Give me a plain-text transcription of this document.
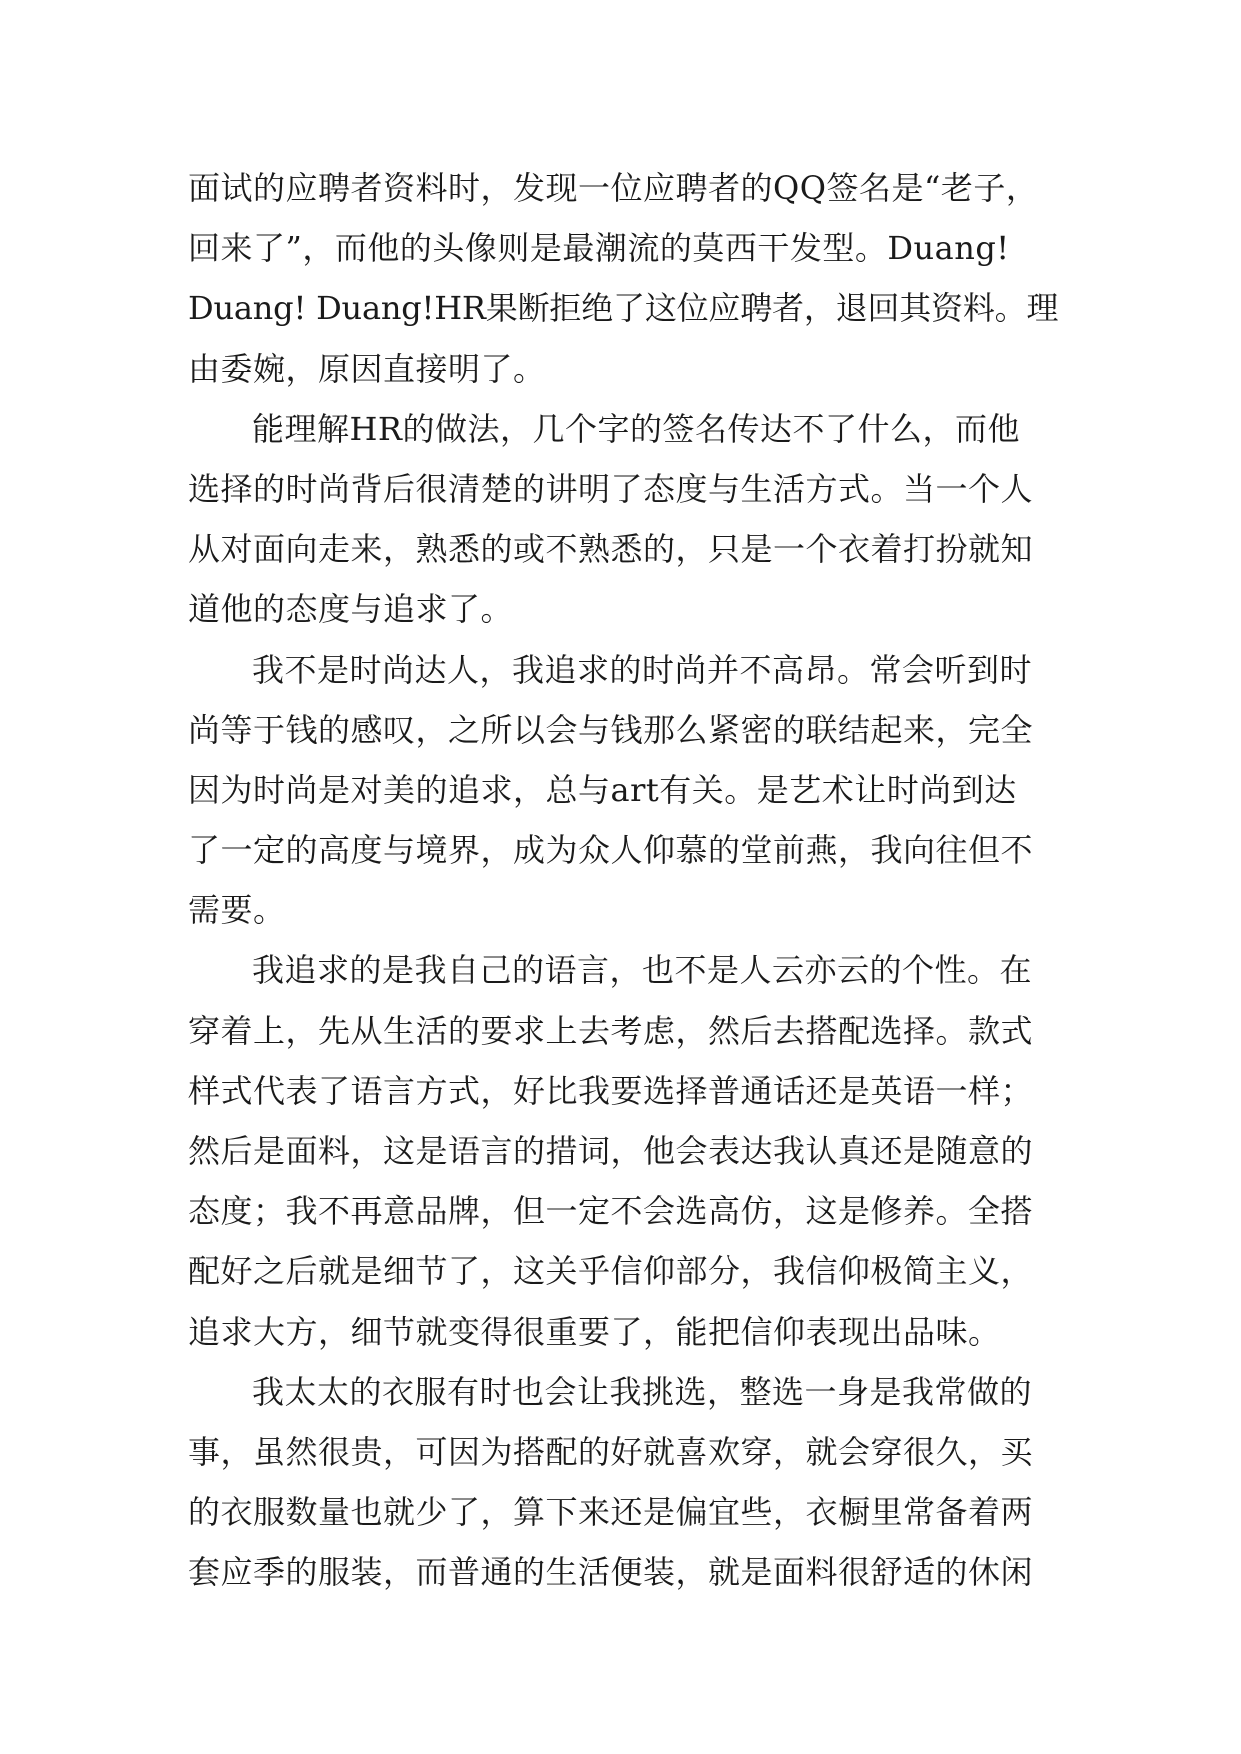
面试的应聘者资料时，发现一位应聘者的QQ签名是“老子，
回来了”，而他的头像则是最潮流的莫西干发型。Duang!
Duang! Duang!HR果断拒绝了这位应聘者，退回其资料。理
由委婉，原因直接明了。
能理解HR的做法，几个字的签名传达不了什么，而他
选择的时尚背后很清楚的讲明了态度与生活方式。当一个人
从对面向走来，熟悉的或不熟悉的，只是一个衣着打扮就知
道他的态度与追求了。
我不是时尚达人，我追求的时尚并不高昂。常会听到时
尚等于钱的感叹，之所以会与钱那么紧密的联结起来，完全
因为时尚是对美的追求，总与art有关。是艺术让时尚到达
了一定的高度与境界，成为众人仰慕的堂前燕，我向往但不
需要。
我追求的是我自己的语言，也不是人云亦云的个性。在
穿着上，先从生活的要求上去考虑，然后去搭配选择。款式
样式代表了语言方式，好比我要选择普通话还是英语一样；
然后是面料，这是语言的措词，他会表达我认真还是随意的
态度；我不再意品牌，但一定不会选高仿，这是修养。全搭
配好之后就是细节了，这关乎信仰部分，我信仰极简主义，
追求大方，细节就变得很重要了，能把信仰表现出品味。
我太太的衣服有时也会让我挑选，整选一身是我常做的
事，虽然很贵，可因为搭配的好就喜欢穿，就会穿很久，买
的衣服数量也就少了，算下来还是偏宜些，衣橱里常备着两
套应季的服装，而普通的生活便装，就是面料很舒适的休闲
